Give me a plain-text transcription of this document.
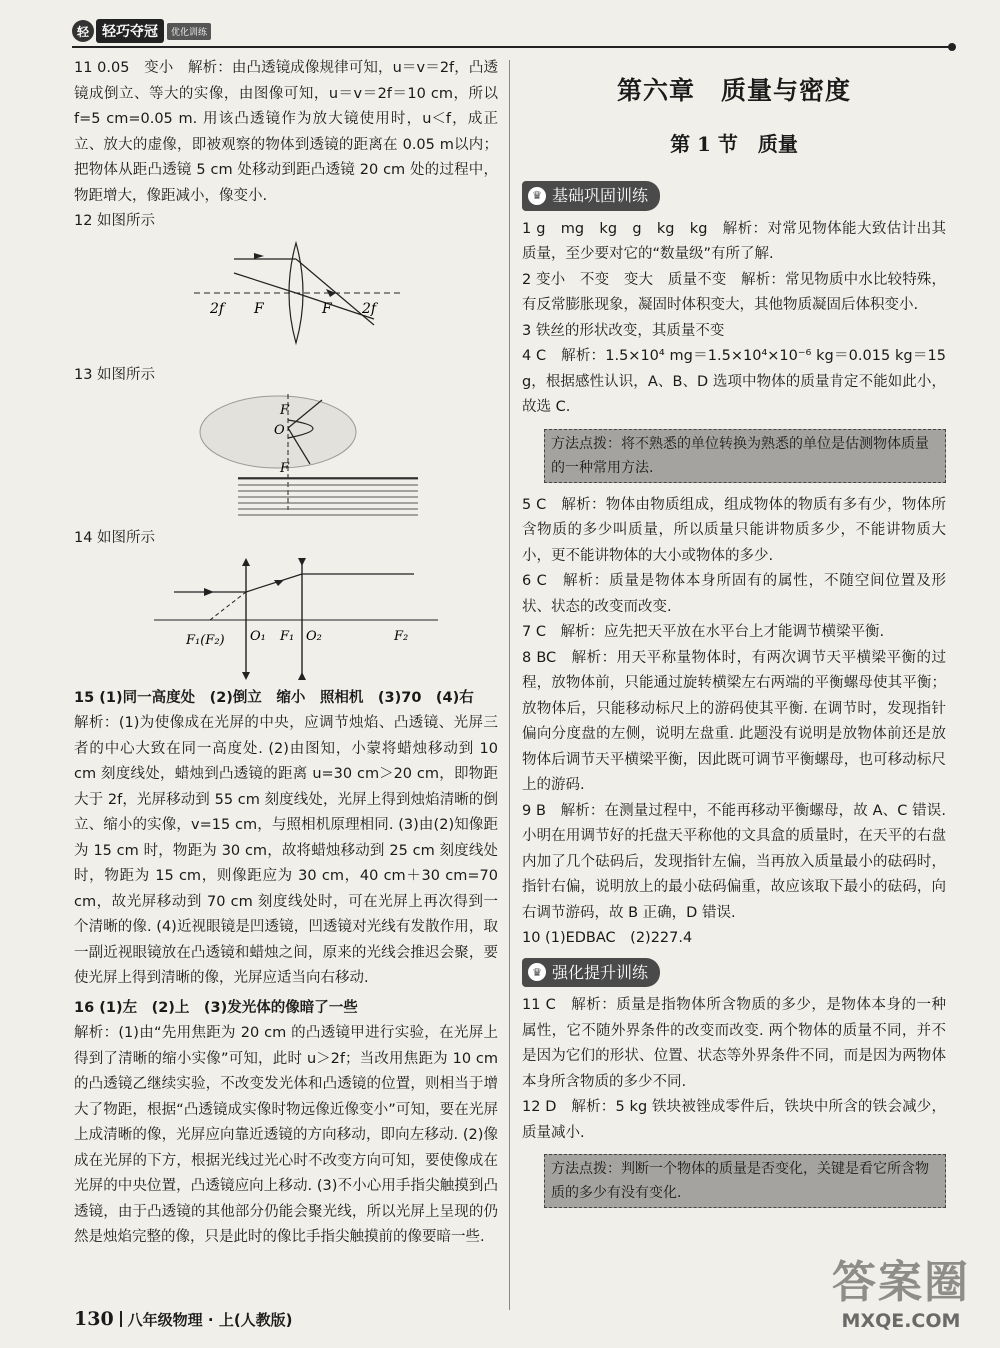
轻 轻巧夺冠	优化训练

11 0.05　变小　解析：由凸透镜成像规律可知，u＝v＝2f，凸透镜成倒立、等大的实像，由图像可知，u＝v＝2f＝10 cm，所以f=5 cm=0.05 m. 用该凸透镜作为放大镜使用时，u＜f，成正立、放大的虚像，即被观察的物体到透镜的距离在 0.05 m以内；把物体从距凸透镜 5 cm 处移动到距凸透镜 20 cm 处的过程中，物距增大，像距减小，像变小.

12 如图所示

2f F	F 2f

13 如图所示

F
O
F

14 如图所示

F₁(F₂) O₁ F₁ O₂	F₂

15 (1)同一高度处　(2)倒立　缩小　照相机　(3)70　(4)右

解析：(1)为使像成在光屏的中央，应调节烛焰、凸透镜、光屏三者的中心大致在同一高度处. (2)由图知，小蒙将蜡烛移动到 10 cm 刻度线处，蜡烛到凸透镜的距离 u=30 cm＞20 cm，即物距大于 2f，光屏移动到 55 cm 刻度线处，光屏上得到烛焰清晰的倒立、缩小的实像，v=15 cm，与照相机原理相同. (3)由(2)知像距为 15 cm 时，物距为 30 cm，故将蜡烛移动到 25 cm 刻度线处时，物距为 15 cm，则像距应为 30 cm，40 cm＋30 cm=70 cm，故光屏移动到 70 cm 刻度线处时，可在光屏上再次得到一个清晰的像. (4)近视眼镜是凹透镜，凹透镜对光线有发散作用，取一副近视眼镜放在凸透镜和蜡烛之间，原来的光线会推迟会聚，要使光屏上得到清晰的像，光屏应适当向右移动.

16 (1)左　(2)上　(3)发光体的像暗了一些

解析：(1)由“先用焦距为 20 cm 的凸透镜甲进行实验，在光屏上得到了清晰的缩小实像”可知，此时 u＞2f；当改用焦距为 10 cm 的凸透镜乙继续实验，不改变发光体和凸透镜的位置，则相当于增大了物距，根据“凸透镜成实像时物远像近像变小”可知，要在光屏上成清晰的像，光屏应向靠近透镜的方向移动，即向左移动. (2)像成在光屏的下方，根据光线过光心时不改变方向可知，要使像成在光屏的中央位置，凸透镜应向上移动. (3)不小心用手指尖触摸到凸透镜，由于凸透镜的其他部分仍能会聚光线，所以光屏上呈现的仍然是烛焰完整的像，只是此时的像比手指尖触摸前的像要暗一些.

第六章　质量与密度
第 1 节　质量
♛ 基础巩固训练

1 g　mg　kg　g　kg　kg　解析：对常见物体能大致估计出其质量，至少要对它的“数量级”有所了解.

2 变小　不变　变大　质量不变　解析：常见物质中水比较特殊，有反常膨胀现象，凝固时体积变大，其他物质凝固后体积变小.

3 铁丝的形状改变，其质量不变

4 C　解析：1.5×10⁴ mg＝1.5×10⁴×10⁻⁶ kg＝0.015 kg＝15 g，根据感性认识，A、B、D 选项中物体的质量肯定不能如此小，故选 C.

方法点拨：将不熟悉的单位转换为熟悉的单位是估测物体质量的一种常用方法.

5 C　解析：物体由物质组成，组成物体的物质有多有少，物体所含物质的多少叫质量，所以质量只能讲物质多少，不能讲物质大小，更不能讲物体的大小或物体的多少.

6 C　解析：质量是物体本身所固有的属性，不随空间位置及形状、状态的改变而改变.

7 C　解析：应先把天平放在水平台上才能调节横梁平衡.

8 BC　解析：用天平称量物体时，有两次调节天平横梁平衡的过程，放物体前，只能通过旋转横梁左右两端的平衡螺母使其平衡；放物体后，只能移动标尺上的游码使其平衡. 在调节时，发现指针偏向分度盘的左侧，说明左盘重. 此题没有说明是放物体前还是放物体后调节天平横梁平衡，因此既可调节平衡螺母，也可移动标尺上的游码.

9 B　解析：在测量过程中，不能再移动平衡螺母，故 A、C 错误. 小明在用调节好的托盘天平称他的文具盒的质量时，在天平的右盘内加了几个砝码后，发现指针左偏，当再放入质量最小的砝码时，指针右偏，说明放上的最小砝码偏重，故应该取下最小的砝码，向右调节游码，故 B 正确，D 错误.

10 (1)EDBAC　(2)227.4

♛ 强化提升训练

11 C　解析：质量是指物体所含物质的多少，是物体本身的一种属性，它不随外界条件的改变而改变. 两个物体的质量不同，并不是因为它们的形状、位置、状态等外界条件不同，而是因为两物体本身所含物质的多少不同.

12 D　解析：5 kg 铁块被锉成零件后，铁块中所含的铁会减少，质量减小.

方法点拨：判断一个物体的质量是否变化，关键是看它所含物质的多少有没有变化.
130 八年级物理 · 上(人教版)
答案圈
MXQE.COM
